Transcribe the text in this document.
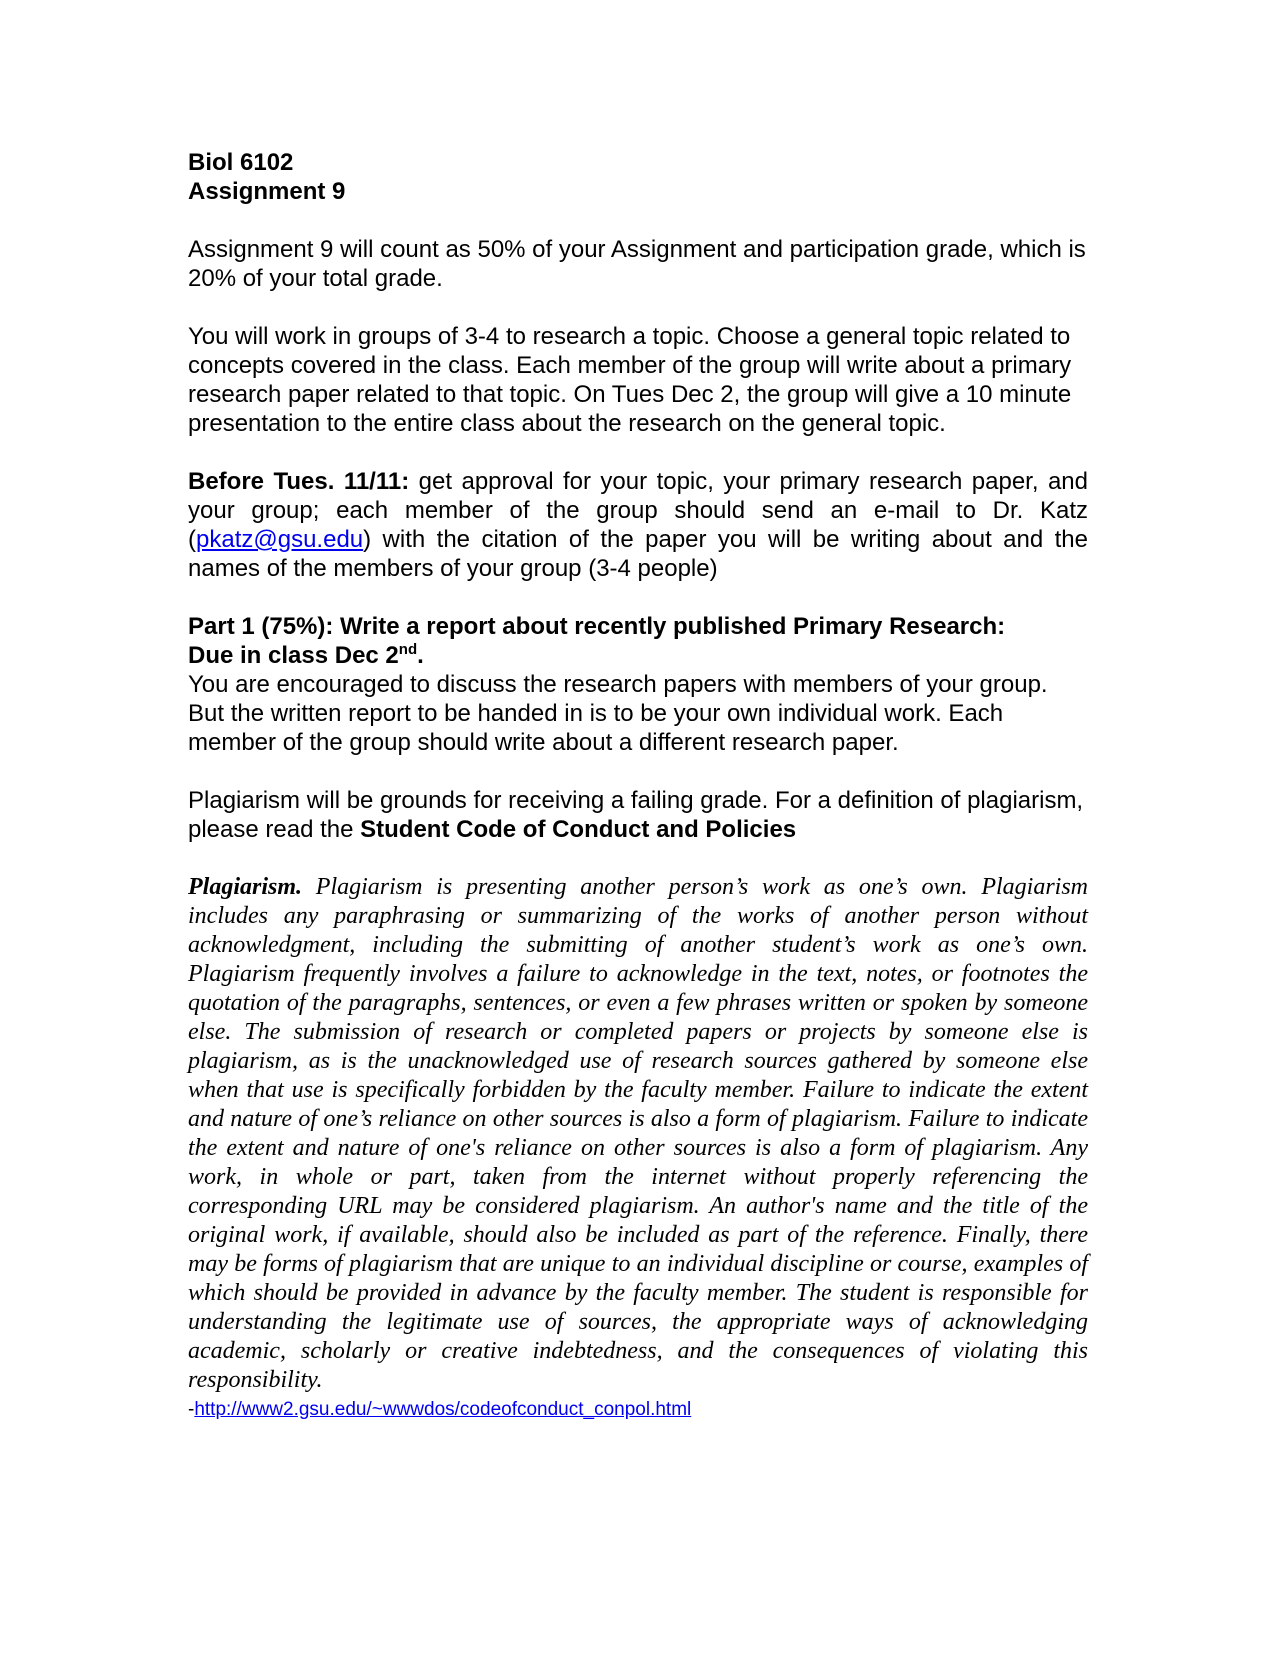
Biol 6102
Assignment 9
Assignment 9 will count as 50% of your Assignment and participation grade, which is 20% of your total grade.
You will work in groups of 3-4 to research a topic. Choose a general topic related to concepts covered in the class. Each member of the group will write about a primary research paper related to that topic. On Tues Dec 2, the group will give a 10 minute presentation to the entire class about the research on the general topic.
Before Tues. 11/11: get approval for your topic, your primary research paper, and your group; each member of the group should send an e-mail to Dr. Katz (pkatz@gsu.edu) with the citation of the paper you will be writing about and the names of the members of your group (3-4 people)
Part 1 (75%): Write a report about recently published Primary Research:
Due in class Dec 2nd.
You are encouraged to discuss the research papers with members of your group. But the written report to be handed in is to be your own individual work. Each member of the group should write about a different research paper.
Plagiarism will be grounds for receiving a failing grade. For a definition of plagiarism, please read the Student Code of Conduct and Policies

Plagiarism. Plagiarism is presenting another person’s work as one’s own. Plagiarism includes any paraphrasing or summarizing of the works of another person without acknowledgment, including the submitting of another student’s work as one’s own. Plagiarism frequently involves a failure to acknowledge in the text, notes, or footnotes the quotation of the paragraphs, sentences, or even a few phrases written or spoken by someone else. The submission of research or completed papers or projects by someone else is plagiarism, as is the unacknowledged use of research sources gathered by someone else when that use is specifically forbidden by the faculty member. Failure to indicate the extent and nature of one’s reliance on other sources is also a form of plagiarism. Failure to indicate the extent and nature of one's reliance on other sources is also a form of plagiarism. Any work, in whole or part, taken from the internet without properly referencing the corresponding URL may be considered plagiarism. An author's name and the title of the original work, if available, should also be included as part of the reference. Finally, there may be forms of plagiarism that are unique to an individual discipline or course, examples of which should be provided in advance by the faculty member. The student is responsible for understanding the legitimate use of sources, the appropriate ways of acknowledging academic, scholarly or creative indebtedness, and the consequences of violating this responsibility.

-http://www2.gsu.edu/~wwwdos/codeofconduct_conpol.html
